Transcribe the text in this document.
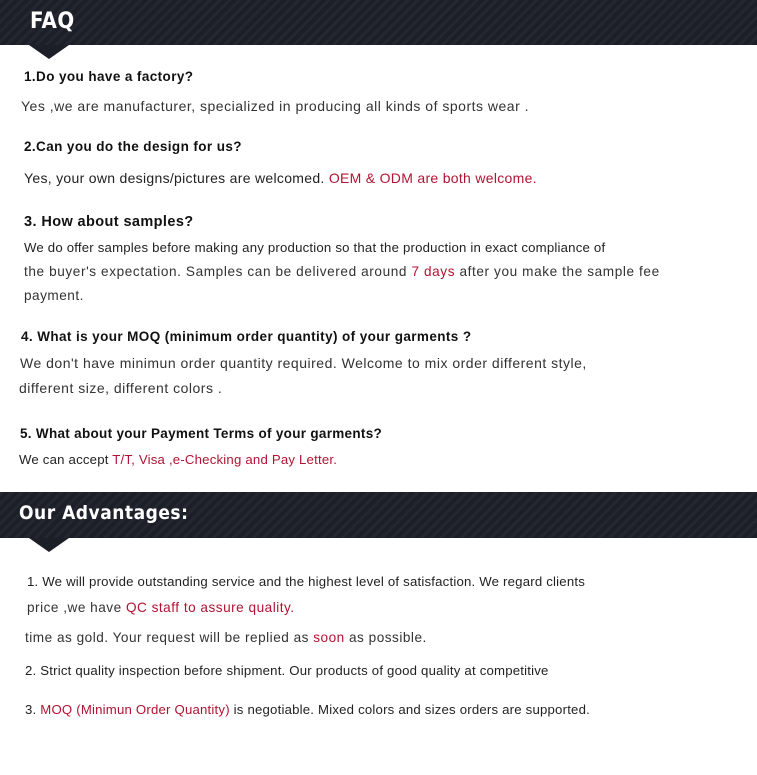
FAQ
1.Do you have a factory?
Yes ,we are manufacturer, specialized in producing all kinds of sports wear .
2.Can you do the design for us?
Yes, your own designs/pictures are welcomed. OEM & ODM are both welcome.
3. How about samples?
We do offer samples before making any production so that the production in exact compliance of
the buyer's expectation. Samples can be delivered around 7 days after you make the sample fee
payment.
4. What is your MOQ (minimum order quantity) of your garments ?
We don't have minimun order quantity required. Welcome to mix order different style,
different size, different colors .
5. What about your Payment Terms of your garments?
We can accept T/T, Visa ,e-Checking and Pay Letter.
Our Advantages:
1. We will provide outstanding service and the highest level of satisfaction. We regard clients
price ,we have QC staff to assure quality.
time as gold. Your request will be replied as soon as possible.
2. Strict quality inspection before shipment. Our products of good quality at competitive
3. MOQ (Minimun Order Quantity) is negotiable. Mixed colors and sizes orders are supported.
